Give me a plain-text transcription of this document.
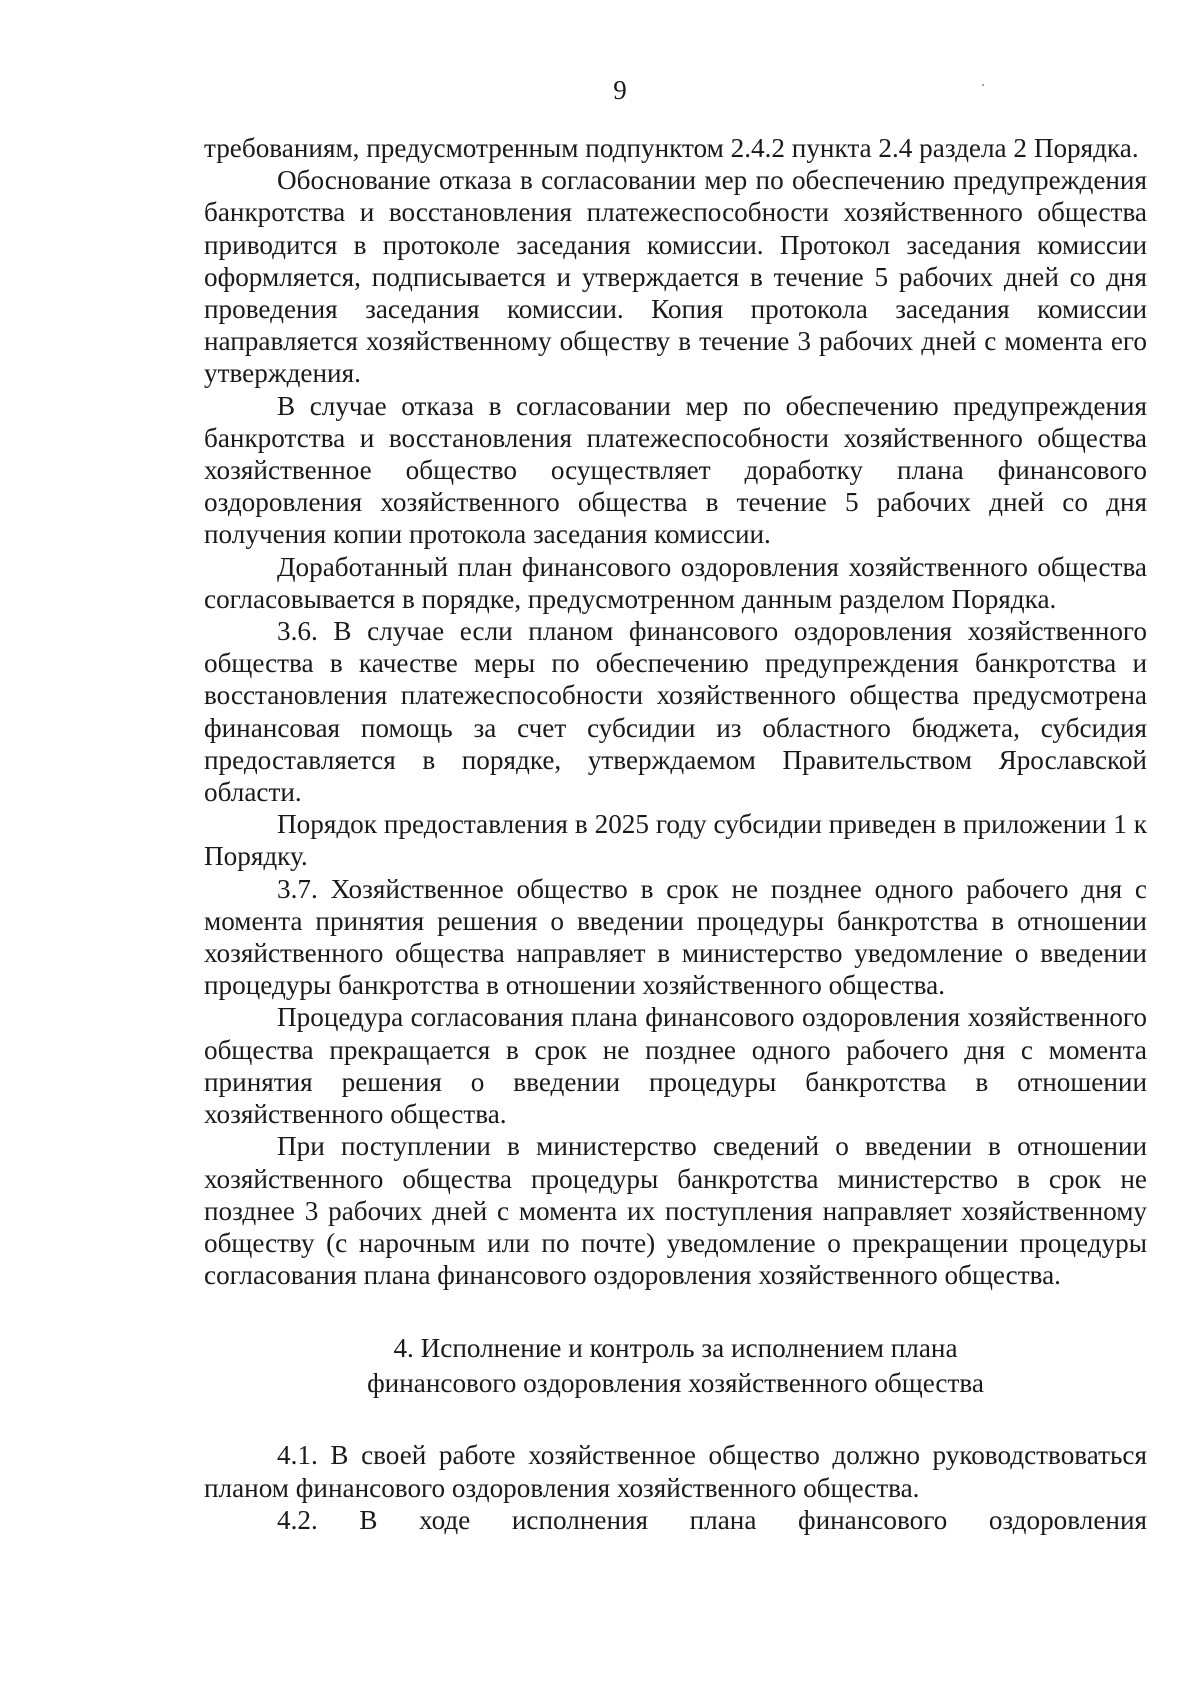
9

требованиям, предусмотренным подпунктом 2.4.2 пункта 2.4 раздела 2 Порядка.

Обоснование отказа в согласовании мер по обеспечению предупреждения банкротства и восстановления платежеспособности хозяйственного общества приводится в протоколе заседания комиссии. Протокол заседания комиссии оформляется, подписывается и утверждается в течение 5 рабочих дней со дня проведения заседания комиссии. Копия протокола заседания комиссии направляется хозяйственному обществу в течение 3 рабочих дней с момента его утверждения.

В случае отказа в согласовании мер по обеспечению предупреждения банкротства и восстановления платежеспособности хозяйственного общества хозяйственное общество осуществляет доработку плана финансового оздоровления хозяйственного общества в течение 5 рабочих дней со дня получения копии протокола заседания комиссии.

Доработанный план финансового оздоровления хозяйственного общества согласовывается в порядке, предусмотренном данным разделом Порядка.

3.6. В случае если планом финансового оздоровления хозяйственного общества в качестве меры по обеспечению предупреждения банкротства и восстановления платежеспособности хозяйственного общества предусмотрена финансовая помощь за счет субсидии из областного бюджета, субсидия предоставляется в порядке, утверждаемом Правительством Ярославской области.

Порядок предоставления в 2025 году субсидии приведен в приложении 1 к Порядку.

3.7. Хозяйственное общество в срок не позднее одного рабочего дня с момента принятия решения о введении процедуры банкротства в отношении хозяйственного общества направляет в министерство уведомление о введении процедуры банкротства в отношении хозяйственного общества.

Процедура согласования плана финансового оздоровления хозяйственного общества прекращается в срок не позднее одного рабочего дня с момента принятия решения о введении процедуры банкротства в отношении хозяйственного общества.

При поступлении в министерство сведений о введении в отношении хозяйственного общества процедуры банкротства министерство в срок не позднее 3 рабочих дней с момента их поступления направляет хозяйственному обществу (с нарочным или по почте) уведомление о прекращении процедуры согласования плана финансового оздоровления хозяйственного общества.

4. Исполнение и контроль за исполнением плана
финансового оздоровления хозяйственного общества

4.1. В своей работе хозяйственное общество должно руководствоваться планом финансового оздоровления хозяйственного общества.

4.2. В ходе исполнения плана финансового оздоровления
